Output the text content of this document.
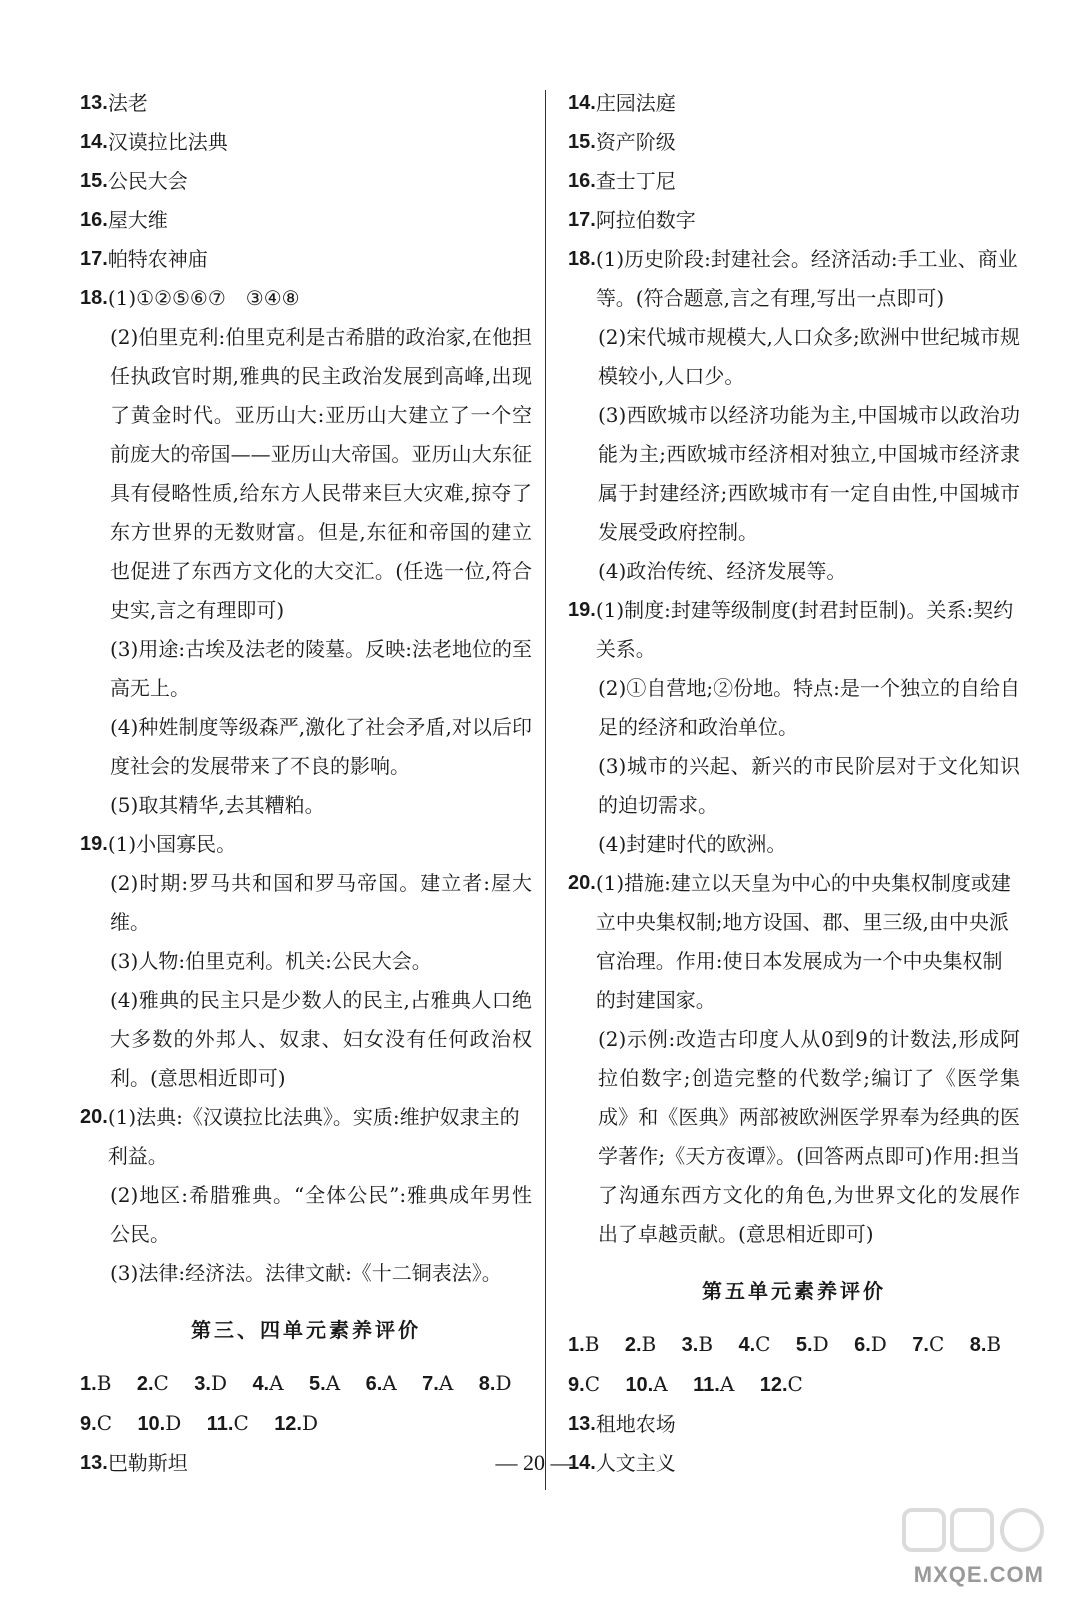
13. 法老
14. 汉谟拉比法典
15. 公民大会
16. 屋大维
17. 帕特农神庙
18. (1)①②⑤⑥⑦　③④⑧

(2)伯里克利:伯里克利是古希腊的政治家,在他担任执政官时期,雅典的民主政治发展到高峰,出现了黄金时代。亚历山大:亚历山大建立了一个空前庞大的帝国——亚历山大帝国。亚历山大东征具有侵略性质,给东方人民带来巨大灾难,掠夺了东方世界的无数财富。但是,东征和帝国的建立也促进了东西方文化的大交汇。(任选一位,符合史实,言之有理即可)

(3)用途:古埃及法老的陵墓。反映:法老地位的至高无上。

(4)种姓制度等级森严,激化了社会矛盾,对以后印度社会的发展带来了不良的影响。

(5)取其精华,去其糟粕。

19. (1)小国寡民。

(2)时期:罗马共和国和罗马帝国。建立者:屋大维。

(3)人物:伯里克利。机关:公民大会。

(4)雅典的民主只是少数人的民主,占雅典人口绝大多数的外邦人、奴隶、妇女没有任何政治权利。(意思相近即可)

20. (1)法典:《汉谟拉比法典》。实质:维护奴隶主的利益。

(2)地区:希腊雅典。“全体公民”:雅典成年男性公民。

(3)法律:经济法。法律文献:《十二铜表法》。

第三、四单元素养评价
1.B 2.C 3.D 4.A 5.A 6.A 7.A 8.D
9.C 10.D 11.C 12.D
13. 巴勒斯坦
14. 庄园法庭
15. 资产阶级
16. 查士丁尼
17. 阿拉伯数字
18. (1)历史阶段:封建社会。经济活动:手工业、商业等。(符合题意,言之有理,写出一点即可)

(2)宋代城市规模大,人口众多;欧洲中世纪城市规模较小,人口少。

(3)西欧城市以经济功能为主,中国城市以政治功能为主;西欧城市经济相对独立,中国城市经济隶属于封建经济;西欧城市有一定自由性,中国城市发展受政府控制。

(4)政治传统、经济发展等。

19. (1)制度:封建等级制度(封君封臣制)。关系:契约关系。

(2)①自营地;②份地。特点:是一个独立的自给自足的经济和政治单位。

(3)城市的兴起、新兴的市民阶层对于文化知识的迫切需求。

(4)封建时代的欧洲。

20. (1)措施:建立以天皇为中心的中央集权制度或建立中央集权制;地方设国、郡、里三级,由中央派官治理。作用:使日本发展成为一个中央集权制的封建国家。

(2)示例:改造古印度人从0到9的计数法,形成阿拉伯数字;创造完整的代数学;编订了《医学集成》和《医典》两部被欧洲医学界奉为经典的医学著作;《天方夜谭》。(回答两点即可)作用:担当了沟通东西方文化的角色,为世界文化的发展作出了卓越贡献。(意思相近即可)

第五单元素养评价
1.B 2.B 3.B 4.C 5.D 6.D 7.C 8.B
9.C 10.A 11.A 12.C
13. 租地农场
14. 人文主义
— 20 —
MXQE.COM
